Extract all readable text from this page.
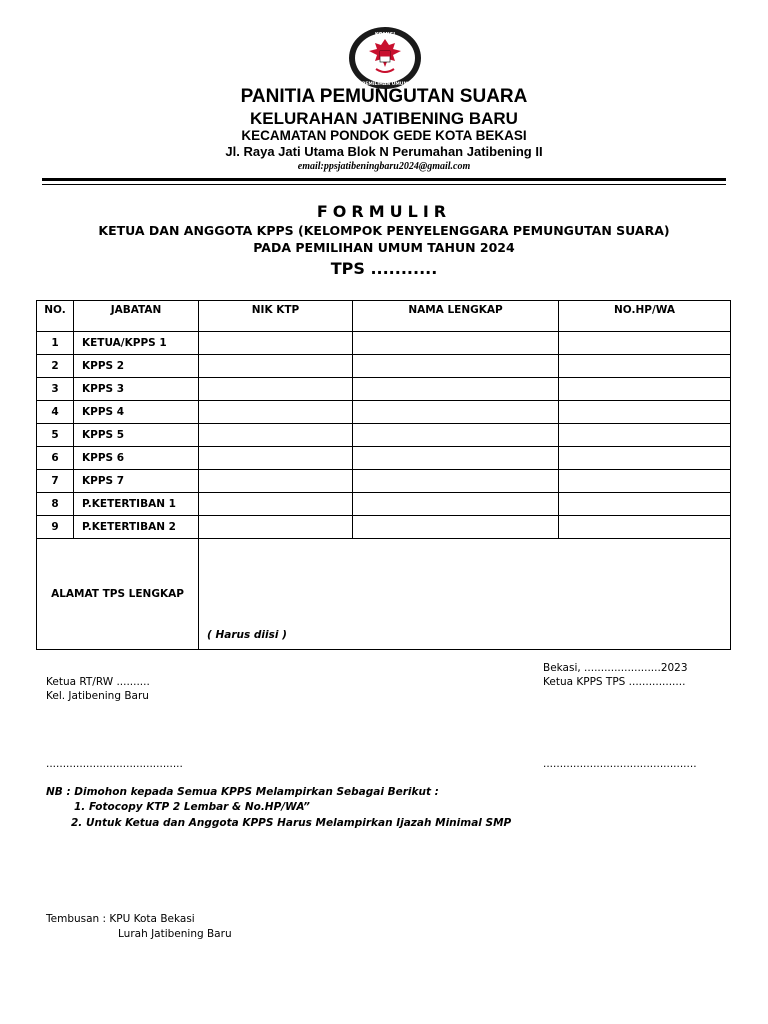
KOMISI
PEMILIHAN UMUM
PANITIA PEMUNGUTAN SUARA
KELURAHAN JATIBENING BARU
KECAMATAN PONDOK GEDE KOTA BEKASI
Jl. Raya Jati Utama Blok N Perumahan Jatibening II
email:ppsjatibeningbaru2024@gmail.com
FORMULIR
KETUA DAN ANGGOTA KPPS (KELOMPOK PENYELENGGARA PEMUNGUTAN SUARA)
PADA PEMILIHAN UMUM TAHUN 2024
TPS ...........
NO.	JABATAN	NIK KTP	NAMA LENGKAP	NO.HP/WA
1	KETUA/KPPS 1			
2	KPPS 2			
3	KPPS 3			
4	KPPS 4			
5	KPPS 5			
6	KPPS 6			
7	KPPS 7			
8	P.KETERTIBAN 1			
9	P.KETERTIBAN 2			
ALAMAT TPS LENGKAP		( Harus diisi )		
Bekasi, .......................2023
Ketua RT/RW ..........	Ketua KPPS TPS .................
Kel. Jatibening Baru
.........................................	..............................................
NB : Dimohon kepada Semua KPPS Melampirkan Sebagai Berikut :
1. Fotocopy KTP 2 Lembar & No.HP/WA”
2. Untuk Ketua dan Anggota KPPS Harus Melampirkan Ijazah Minimal SMP
Tembusan : KPU Kota Bekasi
Lurah Jatibening Baru
